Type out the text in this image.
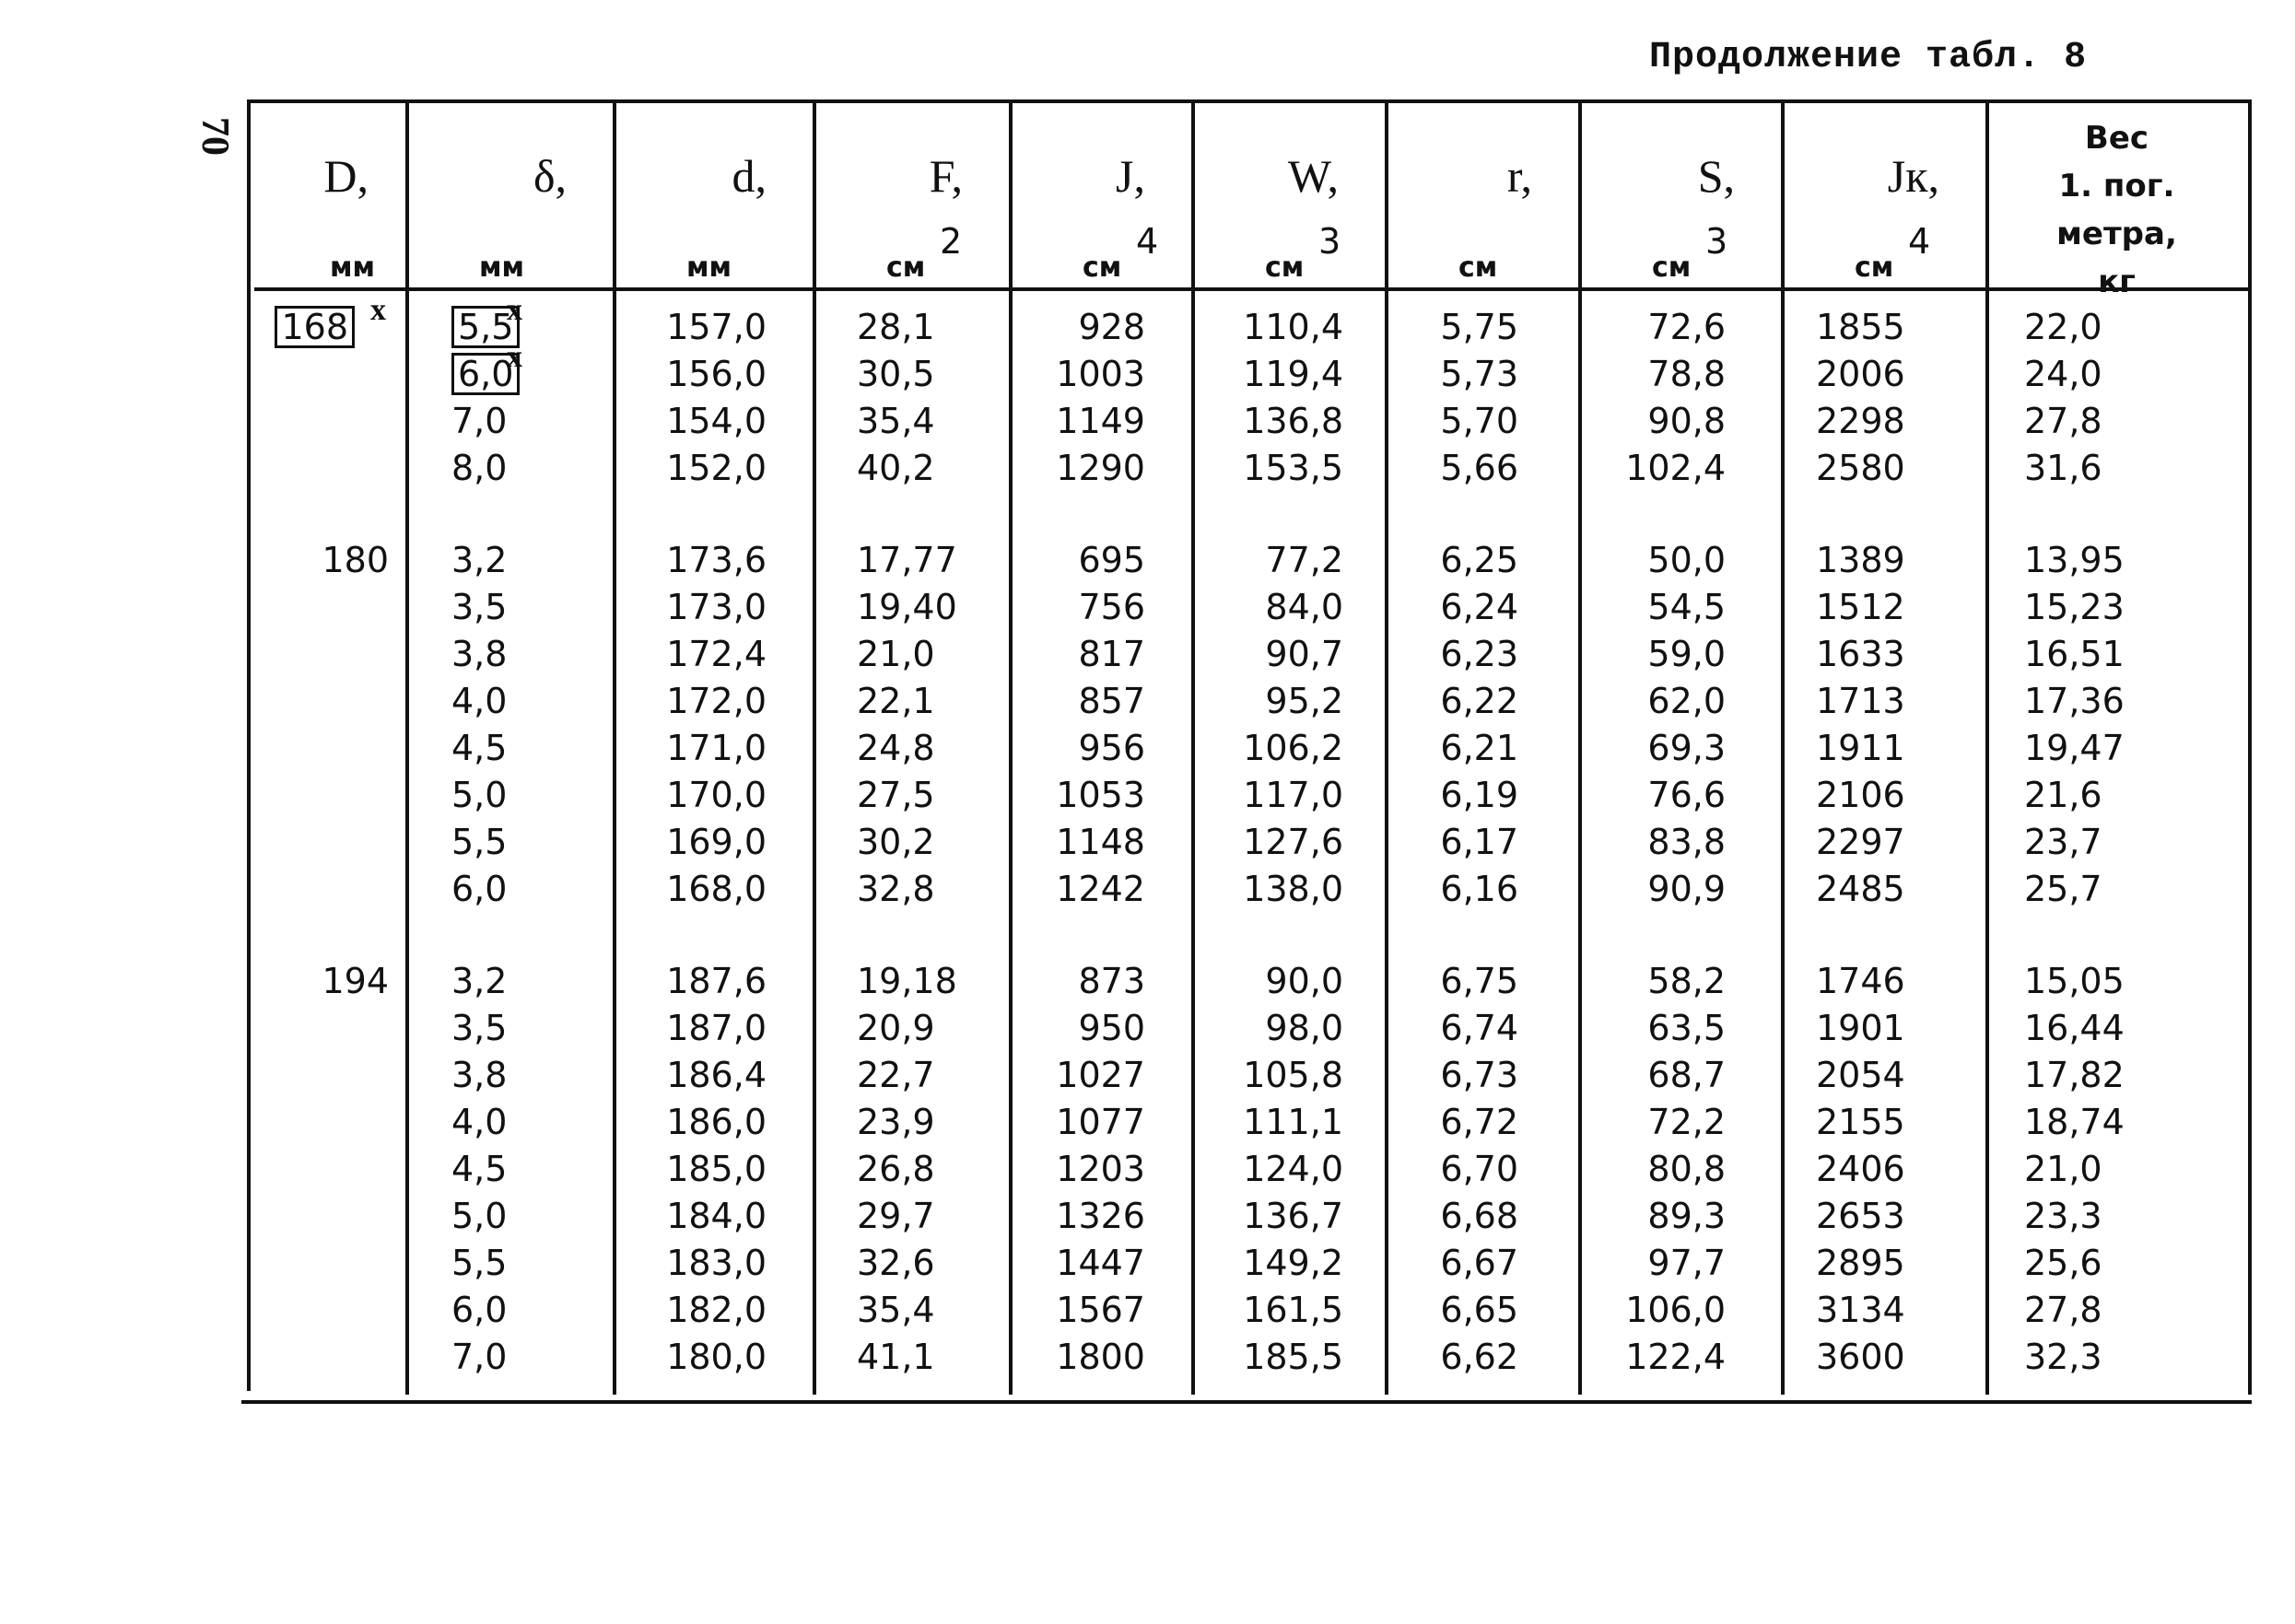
Продолжение табл. 8
70
D,
мм
δ,
мм
d,
мм
F,
см
2
J,
см
4
W,
см
3
r,
см
S,
см
3
Jк,
см
4
Вес
1. пог.
метра,
кг
168 x

180

194

5,5
x
6,0
x
7,0
8,0
3,2
3,5
3,8
4,0
4,5
5,0
5,5
6,0
3,2
3,5
3,8
4,0
4,5
5,0
5,5
6,0
7,0
157,0
156,0
154,0
152,0
173,6
173,0
172,4
172,0
171,0
170,0
169,0
168,0
187,6
187,0
186,4
186,0
185,0
184,0
183,0
182,0
180,0
28,1
30,5
35,4
40,2
17,77
19,40
21,0
22,1
24,8
27,5
30,2
32,8
19,18
20,9
22,7
23,9
26,8
29,7
32,6
35,4
41,1
928
1003
1149
1290
695
756
817
857
956
1053
1148
1242
873
950
1027
1077
1203
1326
1447
1567
1800
110,4
119,4
136,8
153,5
77,2
84,0
90,7
95,2
106,2
117,0
127,6
138,0
90,0
98,0
105,8
111,1
124,0
136,7
149,2
161,5
185,5
5,75
5,73
5,70
5,66
6,25
6,24
6,23
6,22
6,21
6,19
6,17
6,16
6,75
6,74
6,73
6,72
6,70
6,68
6,67
6,65
6,62
72,6
78,8
90,8
102,4
50,0
54,5
59,0
62,0
69,3
76,6
83,8
90,9
58,2
63,5
68,7
72,2
80,8
89,3
97,7
106,0
122,4
1855
2006
2298
2580
1389
1512
1633
1713
1911
2106
2297
2485
1746
1901
2054
2155
2406
2653
2895
3134
3600
22,0
24,0
27,8
31,6
13,95
15,23
16,51
17,36
19,47
21,6
23,7
25,7
15,05
16,44
17,82
18,74
21,0
23,3
25,6
27,8
32,3
